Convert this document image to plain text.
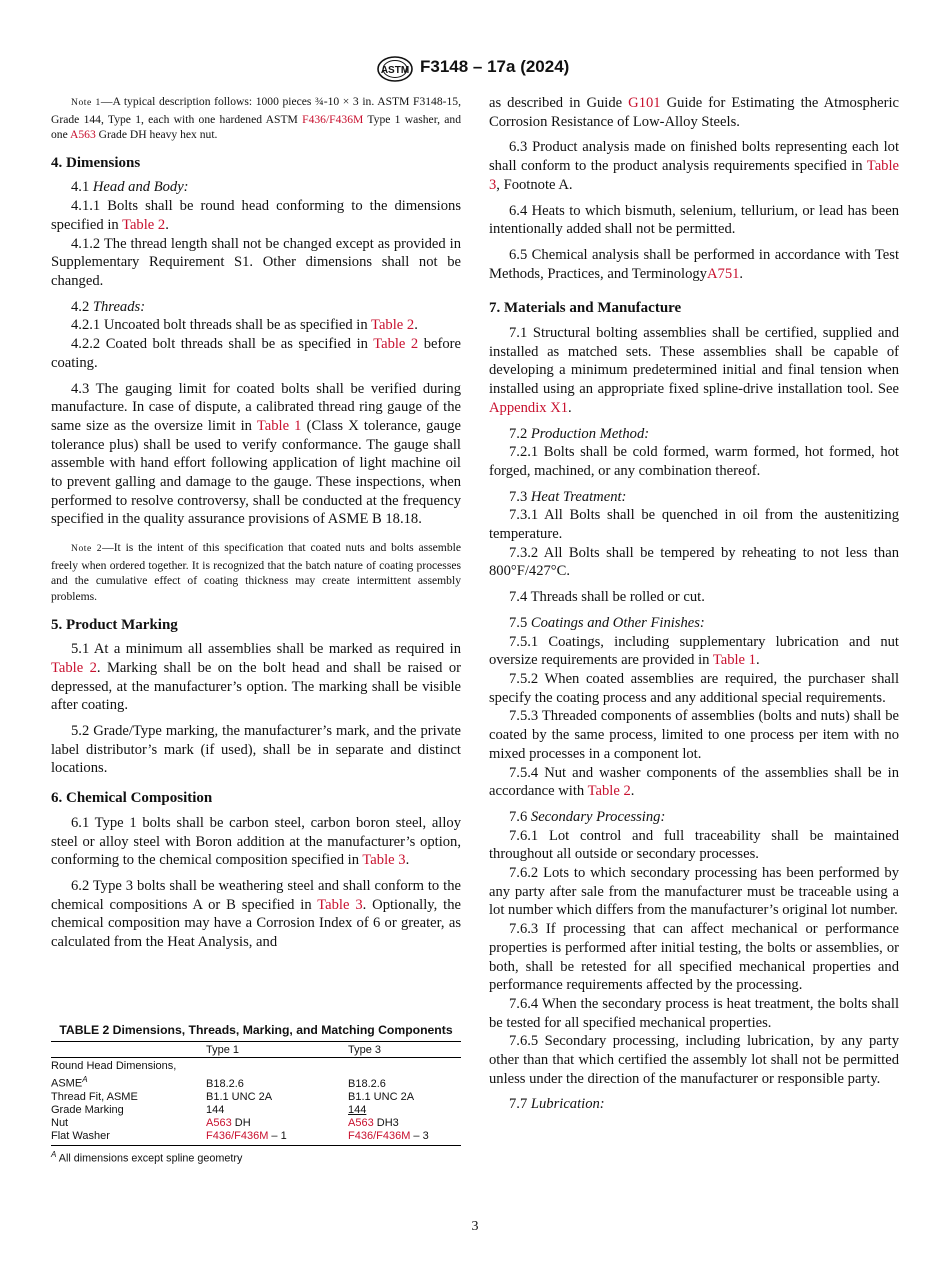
ASTM F3148 – 17a (2024)

Note 1—A typical description follows: 1000 pieces ¾-10 × 3 in. ASTM F3148-15, Grade 144, Type 1, each with one hardened ASTM F436/F436M Type 1 washer, and one A563 Grade DH heavy hex nut.

4. Dimensions

4.1 Head and Body:

4.1.1 Bolts shall be round head conforming to the dimensions specified in Table 2.

4.1.2 The thread length shall not be changed except as provided in Supplementary Requirement S1. Other dimensions shall not be changed.

4.2 Threads:

4.2.1 Uncoated bolt threads shall be as specified in Table 2.

4.2.2 Coated bolt threads shall be as specified in Table 2 before coating.

4.3 The gauging limit for coated bolts shall be verified during manufacture. In case of dispute, a calibrated thread ring gauge of the same size as the oversize limit in Table 1 (Class X tolerance, gauge tolerance plus) shall be used to verify conformance. The gauge shall assemble with hand effort following application of light machine oil to prevent galling and damage to the gauge. These inspections, when performed to resolve controversy, shall be conducted at the frequency specified in the quality assurance provisions of ASME B 18.18.

Note 2—It is the intent of this specification that coated nuts and bolts assemble freely when ordered together. It is recognized that the batch nature of coating processes and the cumulative effect of coating thickness may create intermittent assembly problems.

5. Product Marking

5.1 At a minimum all assemblies shall be marked as required in Table 2. Marking shall be on the bolt head and shall be raised or depressed, at the manufacturer’s option. The marking shall be visible after coating.

5.2 Grade/Type marking, the manufacturer’s mark, and the private label distributor’s mark (if used), shall be in separate and distinct locations.

6. Chemical Composition

6.1 Type 1 bolts shall be carbon steel, carbon boron steel, alloy steel or alloy steel with Boron addition at the manufacturer’s option, conforming to the chemical composition specified in Table 3.

6.2 Type 3 bolts shall be weathering steel and shall conform to the chemical compositions A or B specified in Table 3. Optionally, the chemical composition may have a Corrosion Index of 6 or greater, as calculated from the Heat Analysis, and

TABLE 2 Dimensions, Threads, Marking, and Matching Components
	Type 1	Type 3
Round Head Dimensions,
$ASME^A$	B18.2.6	B18.2.6
Thread Fit, ASME	B1.1 UNC 2A	B1.1 UNC 2A
Grade Marking	144	144
Nut	A563 DH	A563 DH3
Flat Washer	F436/F436M – 1	F436/F436M – 3
$^A$ All dimensions except spline geometry

as described in Guide G101 Guide for Estimating the Atmospheric Corrosion Resistance of Low-Alloy Steels.

6.3 Product analysis made on finished bolts representing each lot shall conform to the product analysis requirements specified in Table 3, Footnote A.

6.4 Heats to which bismuth, selenium, tellurium, or lead has been intentionally added shall not be permitted.

6.5 Chemical analysis shall be performed in accordance with Test Methods, Practices, and TerminologyA751.

7. Materials and Manufacture

7.1 Structural bolting assemblies shall be certified, supplied and installed as matched sets. These assemblies shall be capable of developing a minimum predetermined initial and final tension when installed using an appropriate fixed spline-drive installation tool. See Appendix X1.

7.2 Production Method:

7.2.1 Bolts shall be cold formed, warm formed, hot formed, hot forged, machined, or any combination thereof.

7.3 Heat Treatment:

7.3.1 All Bolts shall be quenched in oil from the austenitizing temperature.

7.3.2 All Bolts shall be tempered by reheating to not less than 800°F/427°C.

7.4 Threads shall be rolled or cut.

7.5 Coatings and Other Finishes:

7.5.1 Coatings, including supplementary lubrication and nut oversize requirements are provided in Table 1.

7.5.2 When coated assemblies are required, the purchaser shall specify the coating process and any additional special requirements.

7.5.3 Threaded components of assemblies (bolts and nuts) shall be coated by the same process, limited to one process per item with no mixed processes in a component lot.

7.5.4 Nut and washer components of the assemblies shall be in accordance with Table 2.

7.6 Secondary Processing:

7.6.1 Lot control and full traceability shall be maintained throughout all outside or secondary processes.

7.6.2 Lots to which secondary processing has been performed by any party after sale from the manufacturer must be traceable using a lot number which differs from the manufacturer’s original lot number.

7.6.3 If processing that can affect mechanical or performance properties is performed after initial testing, the bolts or assemblies, or both, shall be retested for all specified mechanical properties and performance requirements affected by the processing.

7.6.4 When the secondary process is heat treatment, the bolts shall be tested for all specified mechanical properties.

7.6.5 Secondary processing, including lubrication, by any party other than that which certified the assembly lot shall not be permitted unless under the direction of the manufacturer or responsible party.

7.7 Lubrication:

3
